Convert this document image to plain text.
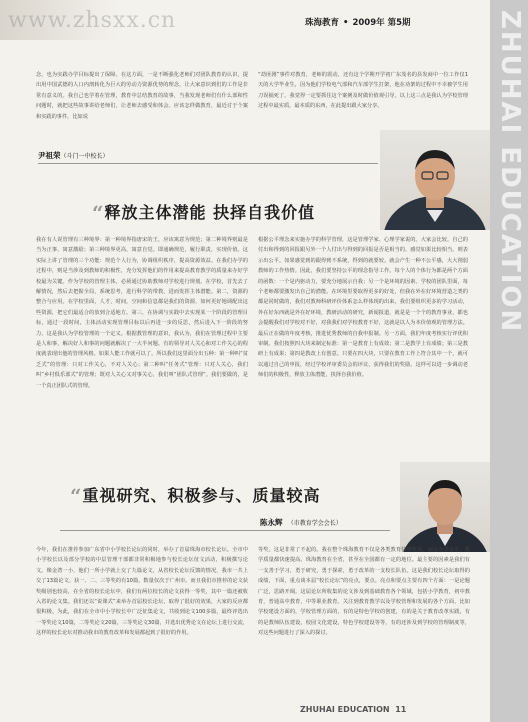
www.zhsxx.cn	珠海教育 • 2009年 第5期	ZHUHAI EDUCATION
念，也为实践办学目标提出了保障。在这方面，一是不断强化老师们对团队教育的认识，提出用中国武德的人口内剖转化为巨大的劳动力资源优势的理念，让大家意识到们的工作是非常有意义的。我自己也学着在管理，教育中总结教育的故事，当我发现老师们有什么部和性问题时，就把这些故事讲给老师们，让老师去感受和体会。应该怎样做教育，最近讨于个案和实践的事件，比如说
“劫匪剧”事件对教育，老师的震动，还有这个学期开学初广东茂名的县发商中一位工作仅1天的大学毕业生，因为他们学校电气部和汽车部学生打架，他在劝架的过程中不幸被学生用刀误捅死了。我觉得一定要抓住这个案例及时做价值观引导。以上这三点是我认为学校管理过程中最实质，最本质的东西，在此提出跟大家分享。
尹祖荣（斗门一中校长）
“释放主体潜能 抉择自我价值
我在有人说管理有三种境界：第一种境界指唐宋的王，应该寓意为规范；第二种境界则最是当为正事，寓意激励；第三种境界更高，寓意自觉。即通确规范，履行职责，实现价值。这实际上讲了管理的三个功能：规范个人行为，协调组织秩序，提高资源效益。在我们办学的过程中，则是当涉及到教师的积极性，充分发挥他们的作用来提高教育教学的质量来办好学校最为关键。作为学校的管理主体，必须通过协助教师对学校进行规划。在学校，首先去了解情况，然后去把握全局，系统思考，进行科学的带教，进而发挥主体潜能。第二，资源的整合与应用。在学校里面，人才，时间，空间和信息都是我们的资源，如何更好地调配出这些资源，把它们最适合的放到合适地方。第三，在协调与实践中去实现某一个阶段的管理目标，通过一段时间，主体活动实现管理目标以后再进一步的反思，然后进入下一阶段的努力，这是我认为学校管理的一个定义。根据教管理的意识，我认为，我们在管理过程中主要是人和事，解决好人和事的问题就解决了一大半问题。有的领导对人关心和对工作关心的程度就表现出他的管理风格。如果人能工作就可以了。所以我们这里面分出五种：第一种叫“贫乏式”的管理：只对工作关心，不对人关心；第二种叫“任务式”管理：只对人关心，我们叫“乡村俱乐部式”的管理；既对人关心又对事关心，我们叫“团队式管理”。我们要做的，是一个真正团队式的管理。
根据公平理念来实施办学的科学管理，这是管理学家、心理学家说的。大家会比较。自己的付出和得到的回报跟另外一个人付出与得到的回报是否是相当的。感觉如果比较相当，则表示出公平。如果感觉到的跟得到不系统，得到的就要较。就会产生一种不公平感，大大削弱教师的工作热情。因此，我们要坚持公平的理念指导工作。每个人的个体行为都是两个方面的函数：一个是内驱动力，要充分地展示自我；另一个是环境的因素。学校的团队里面，每个老师都要激发出自己的潜能。在环境里要取得更多的好处，但我在外在好环境营造之类的都是同时做的，我们对教师科研评价体系怎么样体现的出来，我们要组织更多的学习活动，外在好东西就是外在好环境，教研活动的研究，新闻报道，就是是一个个的教育事业，都也会提醒我们对学校对不好，对我我们对学校教育不好，这就是以人为本价值观的管理方法。最后正在做的年度考核，推进优秀教师的自我申报制。另一方面，我们年度考核实行评优积审制。我们按照四大块来制定标准：第一是教育上有成效；第二是教学上有成绩；第三是教研上有成果；第四是教改上有创意。只要在四大块，只要在教育工作上符合其中一个，就可以通过自己的申报，经过学校评审委员会的评议，获得我们的奖励。这样可以进一步调动老师们的积极性，释放主体潜能，抉择自我价值。
“重视研究、积极参与、质量较高
陈永辉 （市教育学会会长）
今年，我们在推荐参加广东省中小学校长论坛的同时，举办了首届珠海市校长论坛。全市中小学校长以及部分学校的中层管理干部都非常积极地参与校长论坛征文活动，积极撰写论文。像金湾一小，他们一所小学就上交了九篇论文，从省校长论坛反馈的情况，我市一共上交了13篇论文。获一、二、三等奖的有10篇，数量仅次于广州市。而且我们市推荐的论文获奖级别也较高，在全省的校长论坛中，我们有两位校长的论文获得一等奖，其中一篇还被收入省的论文集。我们还以“说课式”来举办首届校长论坛，取得了很好的效果，大家的反应都很积极。为此，我们在全市中小学校长中广泛征集论文，共收到论文100多篇，最终评选出一等奖论文10篇，二等奖论文20篇，三等奖论文30篇，并选出优秀论文在论坛上进行交流，这样的校长论坛对推动我市的教育改革和发展都起到了很好的作用。
等奖。这是非常了不起的。我在整个珠海教育不仅是各类教育快速发展，而且办学水平，教学质量都快速提高。珠海教育在全省，甚至在全国都有一定的地位。最主要的因素是我们有一支善于学习，勇于研究，勇于探索，勇于改革的一支校长队伍。这是我们校长论坛取得的成绩，下面，重点谈本届“校长论坛”的亮点，要点。亮点和要点主要有四个方面：一是论题广泛，思路开阔。这届论坛所收集的论文涉及到基础教育各个领域，包括小学教育，初中教育，普通高中教育，中等职业教育。关注到教育教学以及学校管理和发展的各个方面，比如学校建设方面的，学校管理方面的，有的是特色学校的创建，有的是关于教育改革实践，有的是教师队伍建设，校园文化建设，特色学校建设等等，有的还涉及到学校的管理制度等，对这些问题进行了深入的探讨。
ZHUHAI EDUCATION 11
